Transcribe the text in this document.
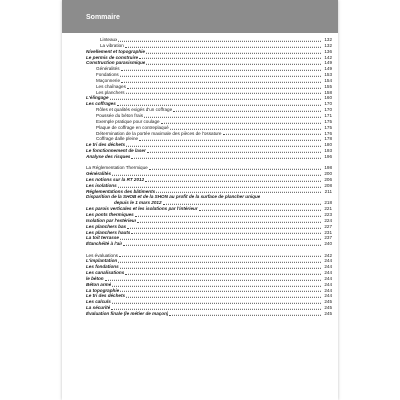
Sommaire
Linteaux	132
La vibration	132
Nivellement et topographie	136
Le permis de construire	142
Construction parasismique	149
Généralités	149
Fondations	153
Maçonnerie	154
Les chaînages	155
Les planchers	158
L'élingage	160
Les coffrages	170
Rôles et qualités exigés d'un coffrage	170
Poussée du béton frais	171
Exemple pratique pour coulage	175
Plaque de coffrage en contreplaqué	175
Détermination de la portée maximale des pièces de l'ossature	176
Coffrage dalle pleine	178
Le tri des déchets	180
Le fonctionnement de laser	193
Analyse des risques	196
La Réglementation Thermique	198
Généralités	200
Les notions sur la RT 2012	206
Les isolations	208
Réglementations des bâtiments	211
Disparition de la SHOB et de la SHON au profit de la surface de plancher unique
depuis le 1 mars 2012	218
Les parois verticales et les isolations par l'intérieur	221
Les ponts thermiques	223
Isolation par l'extérieur	224
Les planchers bas	227
Les planchers hauts	231
La toit terrasse	237
Étanchéité à l'air	240
Les évaluations	242
L'implantation	244
Les fondations	244
Les canalisations	244
le béton	244
Béton armé	244
La topographie	244
Le tri des déchets	244
Les calculs	245
La sécurité	245
Évaluation finale (le métier de maçon)	245
